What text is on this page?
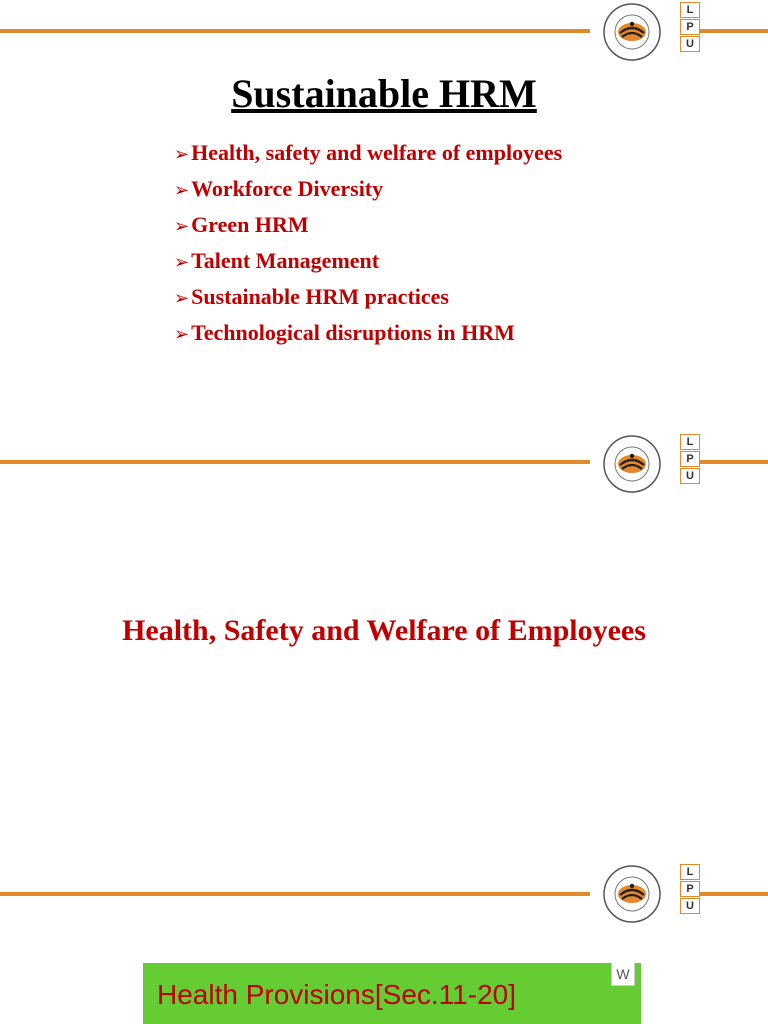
L
P
U
Sustainable HRM
➢Health, safety and welfare of employees
➢Workforce Diversity
➢Green HRM
➢Talent Management
➢Sustainable HRM practices
➢Technological disruptions in HRM
L
P
U
Health, Safety and Welfare of Employees
L
P
U
Health Provisions[Sec.11-20]
W
